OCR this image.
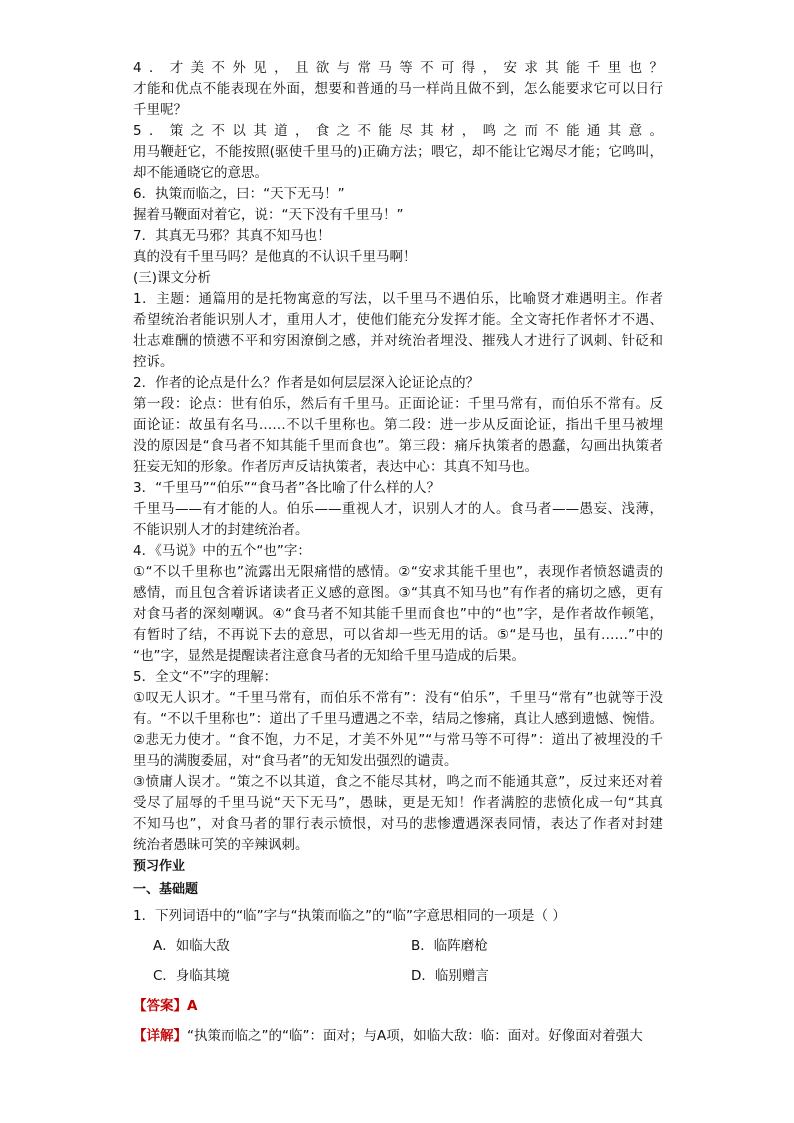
4．才美不外见，且欲与常马等不可得，安求其能千里也？
才能和优点不能表现在外面，想要和普通的马一样尚且做不到，怎么能要求它可以日行
千里呢？
5．策之不以其道，食之不能尽其材，鸣之而不能通其意。
用马鞭赶它，不能按照(驱使千里马的)正确方法；喂它，却不能让它竭尽才能；它鸣叫，
却不能通晓它的意思。
6．执策而临之，曰：“天下无马！”
握着马鞭面对着它，说：“天下没有千里马！”
7．其真无马邪？其真不知马也！
真的没有千里马吗？是他真的不认识千里马啊！
(三)课文分析
1．主题：通篇用的是托物寓意的写法，以千里马不遇伯乐，比喻贤才难遇明主。作者
希望统治者能识别人才，重用人才，使他们能充分发挥才能。全文寄托作者怀才不遇、
壮志难酬的愤懑不平和穷困潦倒之感，并对统治者埋没、摧残人才进行了讽刺、针砭和
控诉。
2．作者的论点是什么？作者是如何层层深入论证论点的？
第一段：论点：世有伯乐，然后有千里马。正面论证：千里马常有，而伯乐不常有。反
面论证：故虽有名马……不以千里称也。第二段：进一步从反面论证，指出千里马被埋
没的原因是“食马者不知其能千里而食也”。第三段：痛斥执策者的愚蠢，勾画出执策者
狂妄无知的形象。作者厉声反诘执策者，表达中心：其真不知马也。
3．“千里马”“伯乐”“食马者”各比喻了什么样的人？
千里马——有才能的人。伯乐——重视人才，识别人才的人。食马者——愚妄、浅薄，
不能识别人才的封建统治者。
4．《马说》中的五个“也”字：
①“不以千里称也”流露出无限痛惜的感情。②“安求其能千里也”，表现作者愤怒谴责的
感情，而且包含着诉诸读者正义感的意图。③“其真不知马也”有作者的痛切之感，更有
对食马者的深刻嘲讽。④“食马者不知其能千里而食也”中的“也”字，是作者故作顿笔，
有暂时了结，不再说下去的意思，可以省却一些无用的话。⑤“是马也，虽有……”中的
“也”字，显然是提醒读者注意食马者的无知给千里马造成的后果。
5．全文“不”字的理解：
①叹无人识才。“千里马常有，而伯乐不常有”：没有“伯乐”，千里马“常有”也就等于没
有。“不以千里称也”：道出了千里马遭遇之不幸，结局之惨痛，真让人感到遗憾、惋惜。
②悲无力使才。“食不饱，力不足，才美不外见”“与常马等不可得”：道出了被埋没的千
里马的满腹委屈，对“食马者”的无知发出强烈的谴责。
③愤庸人误才。“策之不以其道，食之不能尽其材，鸣之而不能通其意”，反过来还对着
受尽了屈辱的千里马说“天下无马”，愚昧，更是无知！作者满腔的悲愤化成一句“其真
不知马也”，对食马者的罪行表示愤恨，对马的悲惨遭遇深表同情，表达了作者对封建
统治者愚昧可笑的辛辣讽刺。
预习作业
一、基础题
1．下列词语中的“临”字与“执策而临之”的“临”字意思相同的一项是（ ）
A．如临大敌	B．临阵磨枪
C．身临其境	D．临别赠言
【答案】A
【详解】“执策而临之”的“临”：面对；与A项，如临大敌：临：面对。好像面对着强大
